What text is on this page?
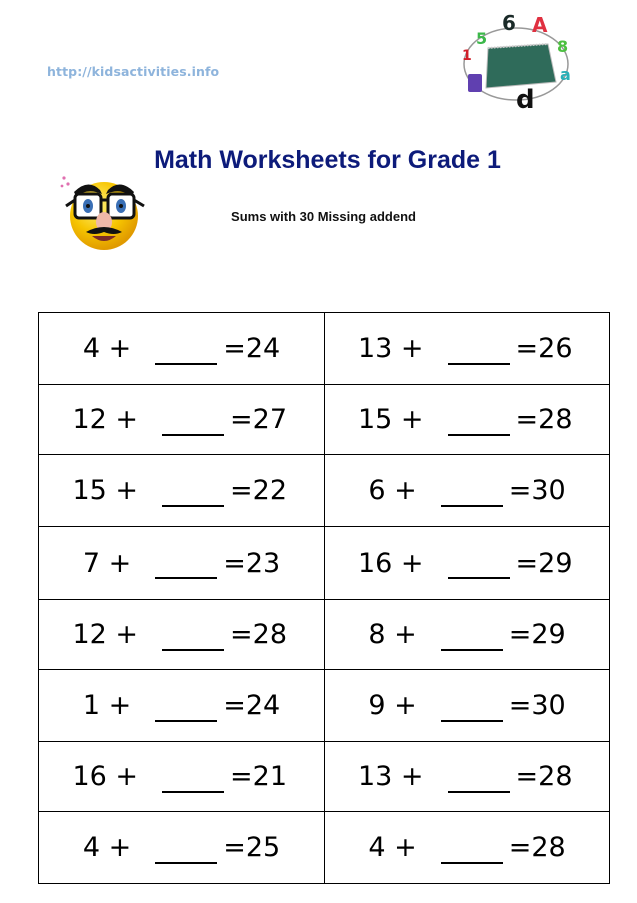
http://kidsactivities.info
6 A
5	8
1
a
d
Math Worksheets for Grade 1
Sums with 30 Missing addend
4 + =24	13 + =26

12 + =27	15 + =28

15 + =22	6 + =30

7 + =23	16 + =29

12 + =28	8 + =29

1 + =24	9 + =30

16 + =21	13 + =28

4 + =25	4 + =28
